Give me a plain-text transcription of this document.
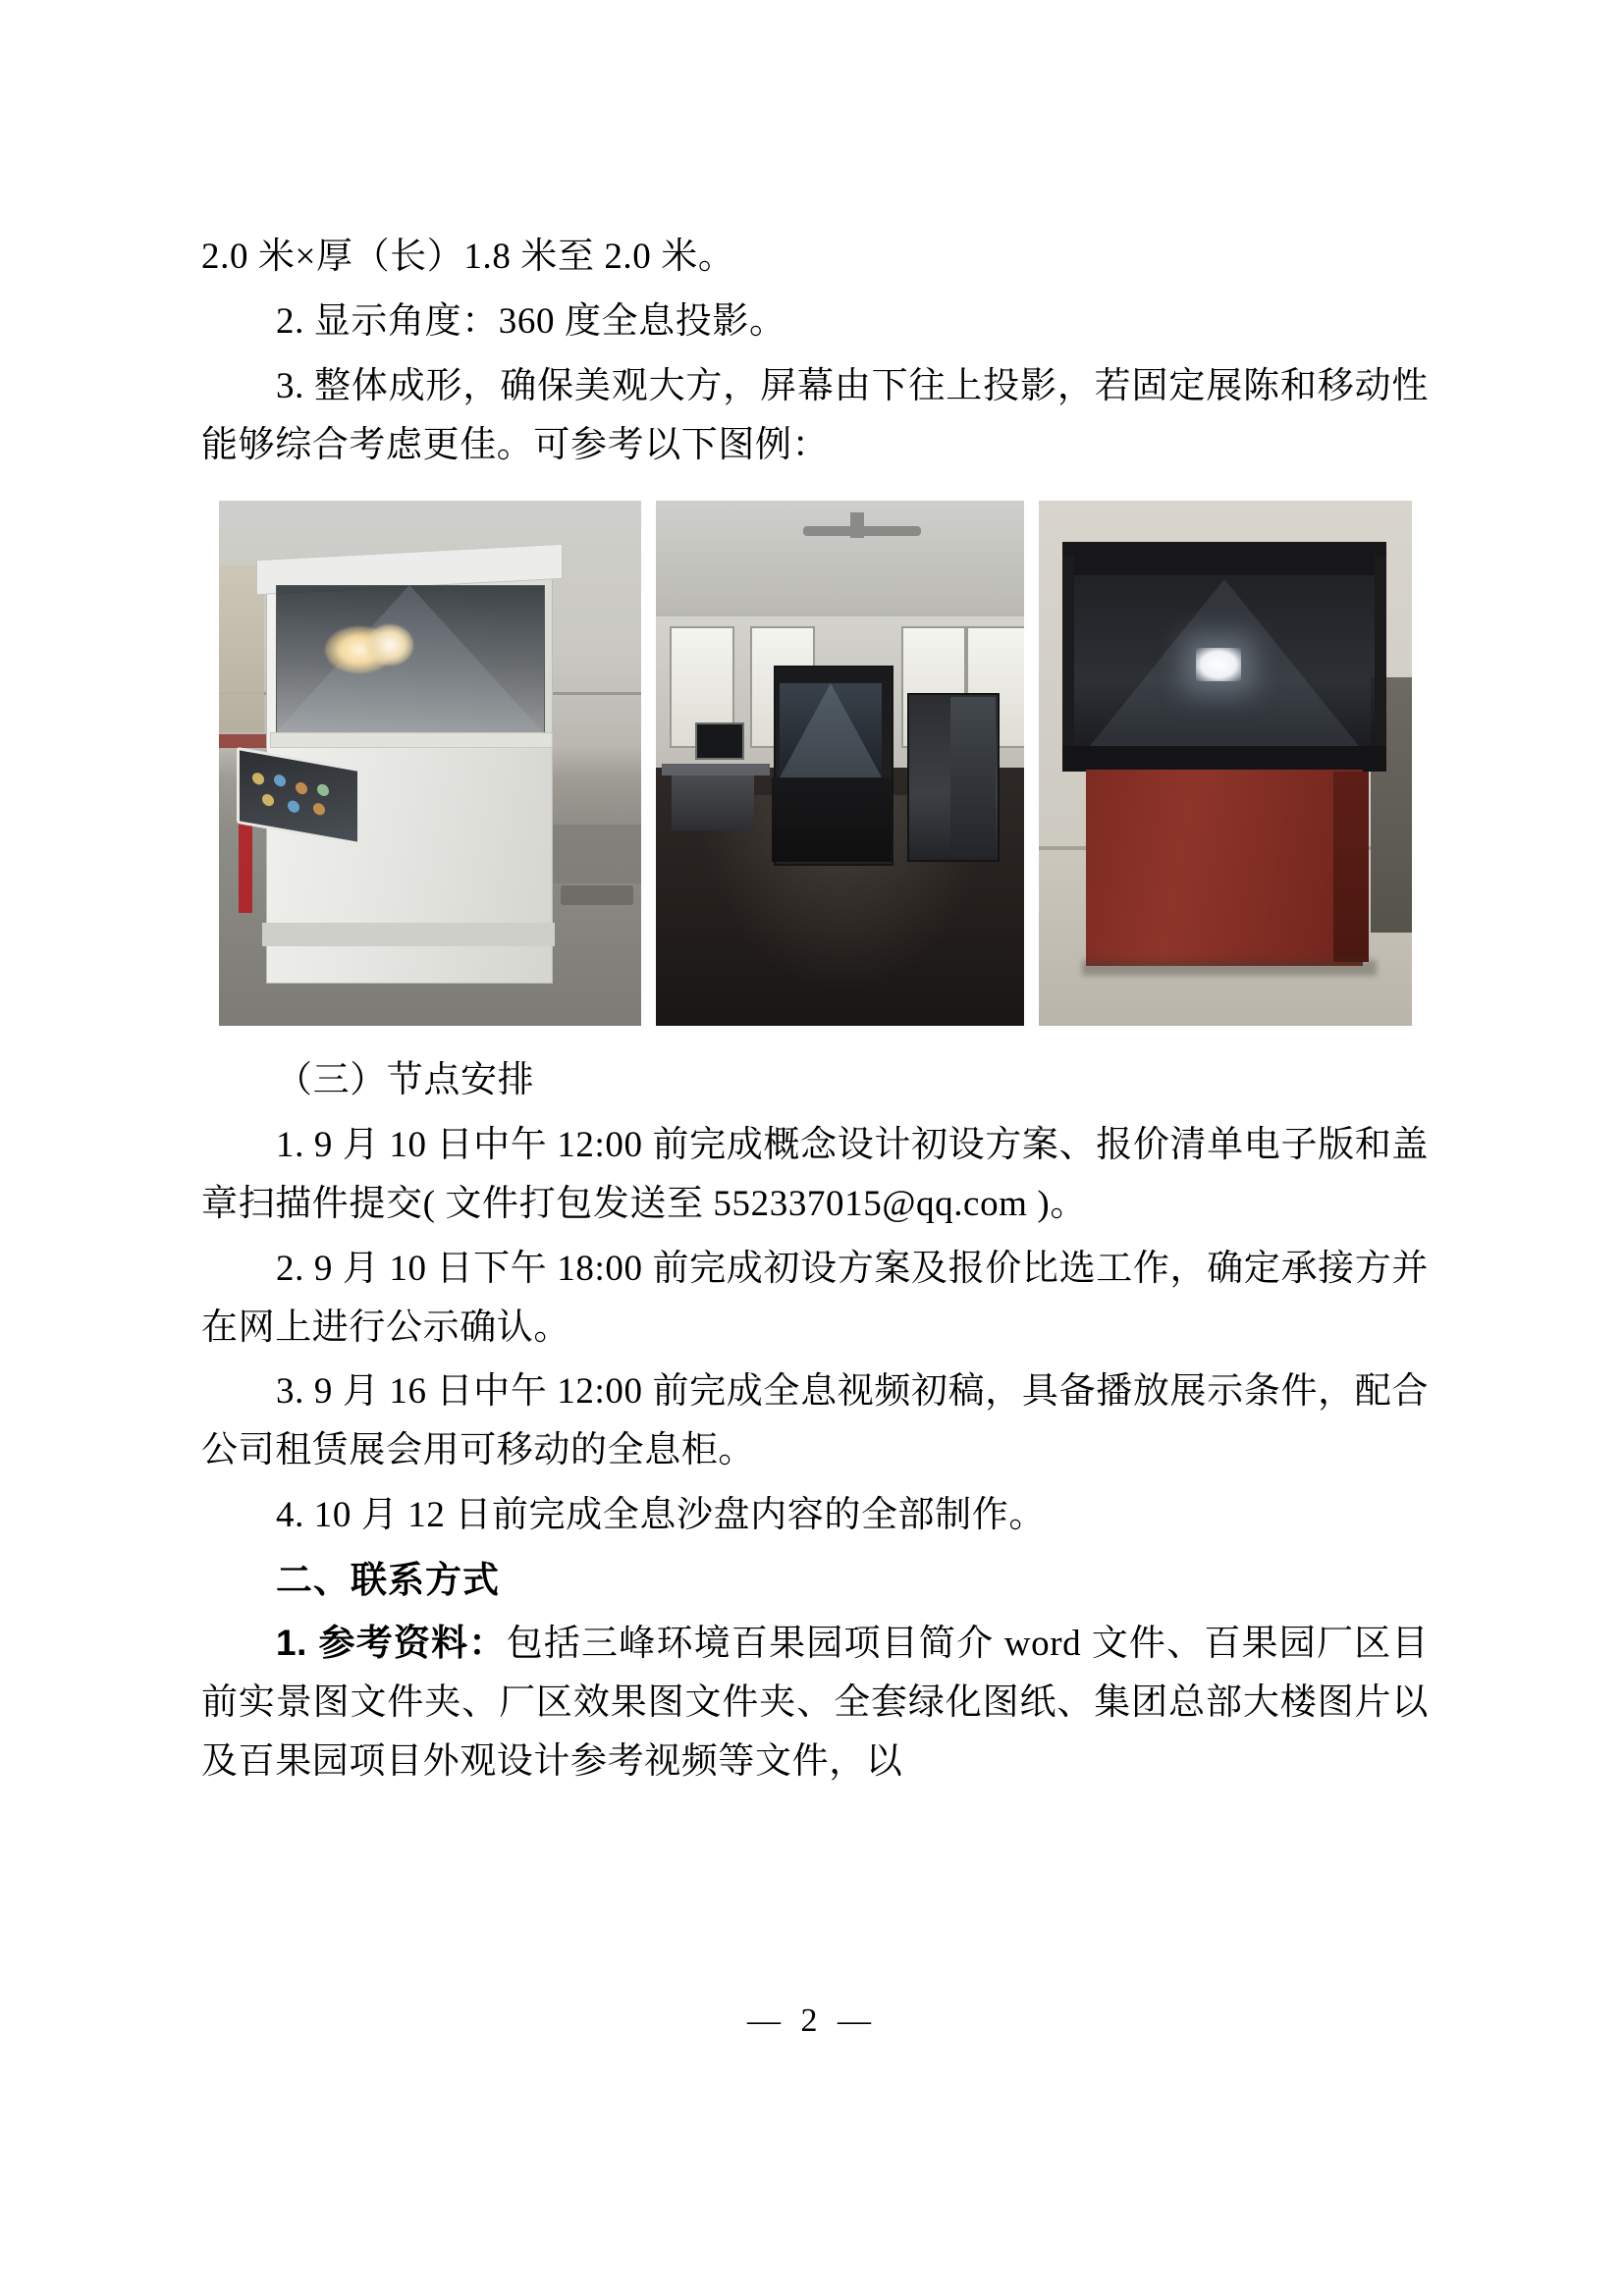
2.0 米×厚（长）1.8 米至 2.0 米。

2. 显示角度：360 度全息投影。

3. 整体成形，确保美观大方，屏幕由下往上投影，若固定展陈和移动性能够综合考虑更佳。可参考以下图例：

（三）节点安排

1. 9 月 10 日中午 12:00 前完成概念设计初设方案、报价清单电子版和盖章扫描件提交( 文件打包发送至 552337015@qq.com )。

2. 9 月 10 日下午 18:00 前完成初设方案及报价比选工作，确定承接方并在网上进行公示确认。

3. 9 月 16 日中午 12:00 前完成全息视频初稿，具备播放展示条件，配合公司租赁展会用可移动的全息柜。

4. 10 月 12 日前完成全息沙盘内容的全部制作。

二、联系方式

1. 参考资料：包括三峰环境百果园项目简介 word 文件、百果园厂区目前实景图文件夹、厂区效果图文件夹、全套绿化图纸、集团总部大楼图片以及百果园项目外观设计参考视频等文件，以

— 2 —
